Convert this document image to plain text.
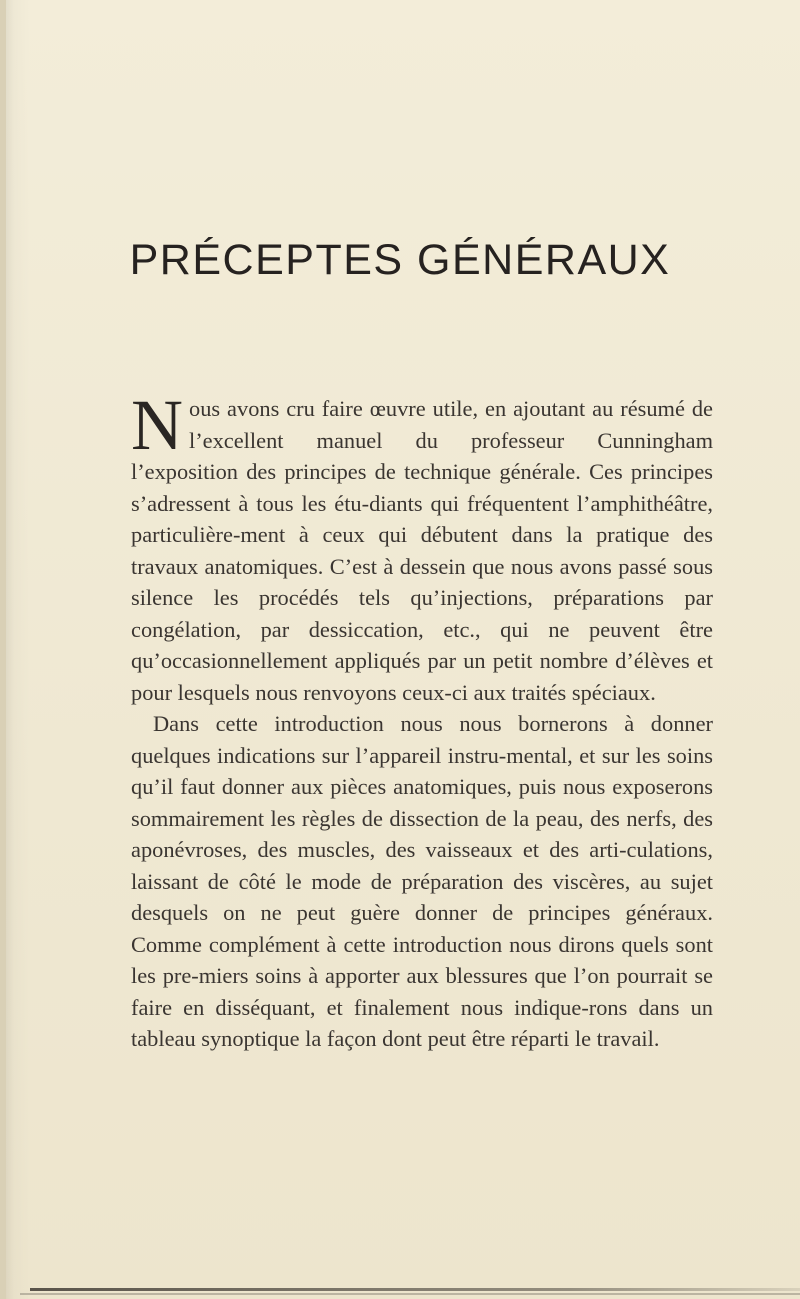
PRÉCEPTES GÉNÉRAUX

Nous avons cru faire œuvre utile, en ajoutant au résumé de l’excellent manuel du professeur Cunningham l’exposition des principes de technique générale. Ces principes s’adressent à tous les étu-diants qui fréquentent l’amphithéâtre, particulière-ment à ceux qui débutent dans la pratique des travaux anatomiques. C’est à dessein que nous avons passé sous silence les procédés tels qu’injections, préparations par congélation, par dessiccation, etc., qui ne peuvent être qu’occasionnellement appliqués par un petit nombre d’élèves et pour lesquels nous renvoyons ceux-ci aux traités spéciaux.

Dans cette introduction nous nous bornerons à donner quelques indications sur l’appareil instru-mental, et sur les soins qu’il faut donner aux pièces anatomiques, puis nous exposerons sommairement les règles de dissection de la peau, des nerfs, des aponévroses, des muscles, des vaisseaux et des arti-culations, laissant de côté le mode de préparation des viscères, au sujet desquels on ne peut guère donner de principes généraux. Comme complément à cette introduction nous dirons quels sont les pre-miers soins à apporter aux blessures que l’on pourrait se faire en disséquant, et finalement nous indique-rons dans un tableau synoptique la façon dont peut être réparti le travail.
